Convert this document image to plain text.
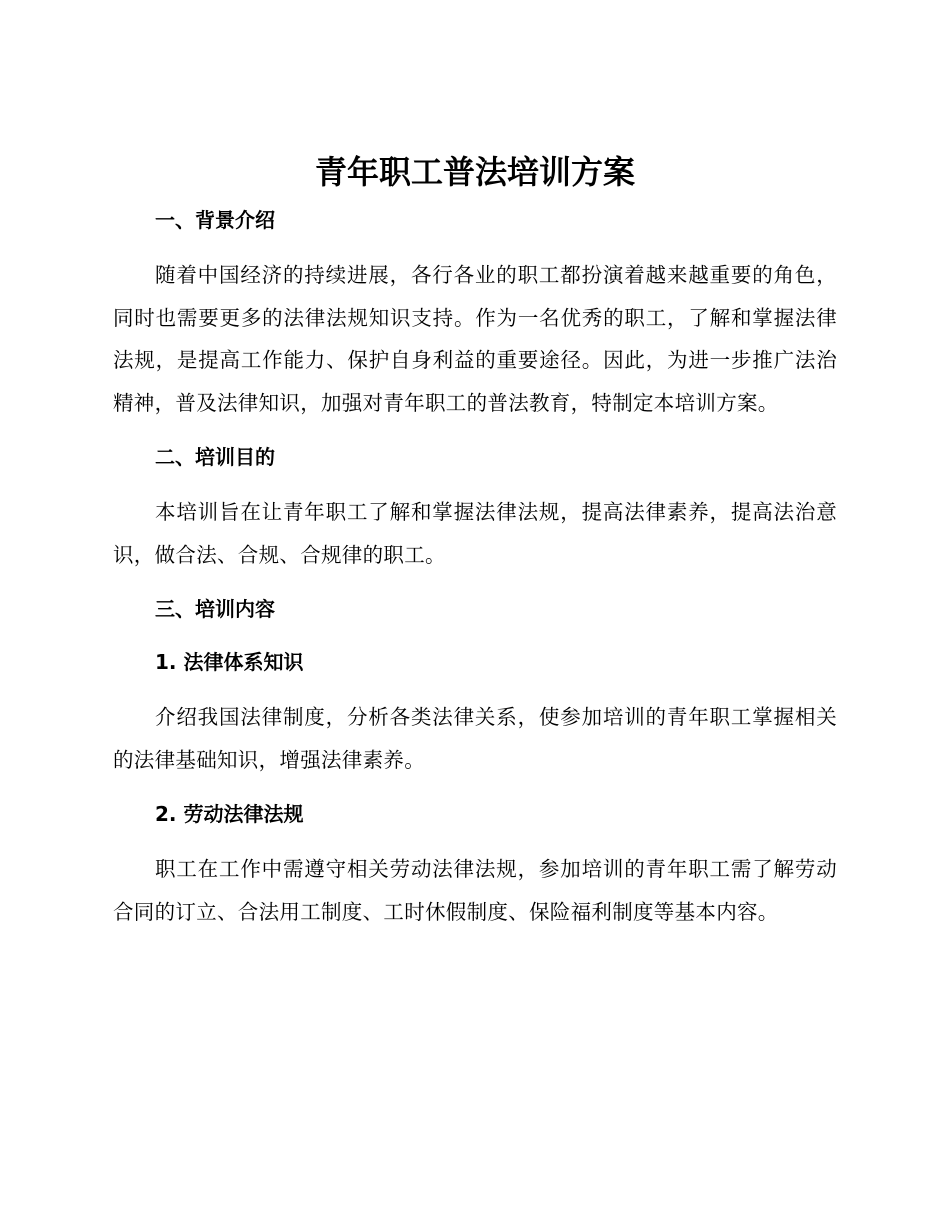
青年职工普法培训方案
一、背景介绍

随着中国经济的持续进展，各行各业的职工都扮演着越来越重要的角色，同时也需要更多的法律法规知识支持。作为一名优秀的职工，了解和掌握法律法规，是提高工作能力、保护自身利益的重要途径。因此，为进一步推广法治精神，普及法律知识，加强对青年职工的普法教育，特制定本培训方案。

二、培训目的

本培训旨在让青年职工了解和掌握法律法规，提高法律素养，提高法治意识，做合法、合规、合规律的职工。

三、培训内容
1. 法律体系知识

介绍我国法律制度，分析各类法律关系，使参加培训的青年职工掌握相关的法律基础知识，增强法律素养。

2. 劳动法律法规

职工在工作中需遵守相关劳动法律法规，参加培训的青年职工需了解劳动合同的订立、合法用工制度、工时休假制度、保险福利制度等基本内容。
